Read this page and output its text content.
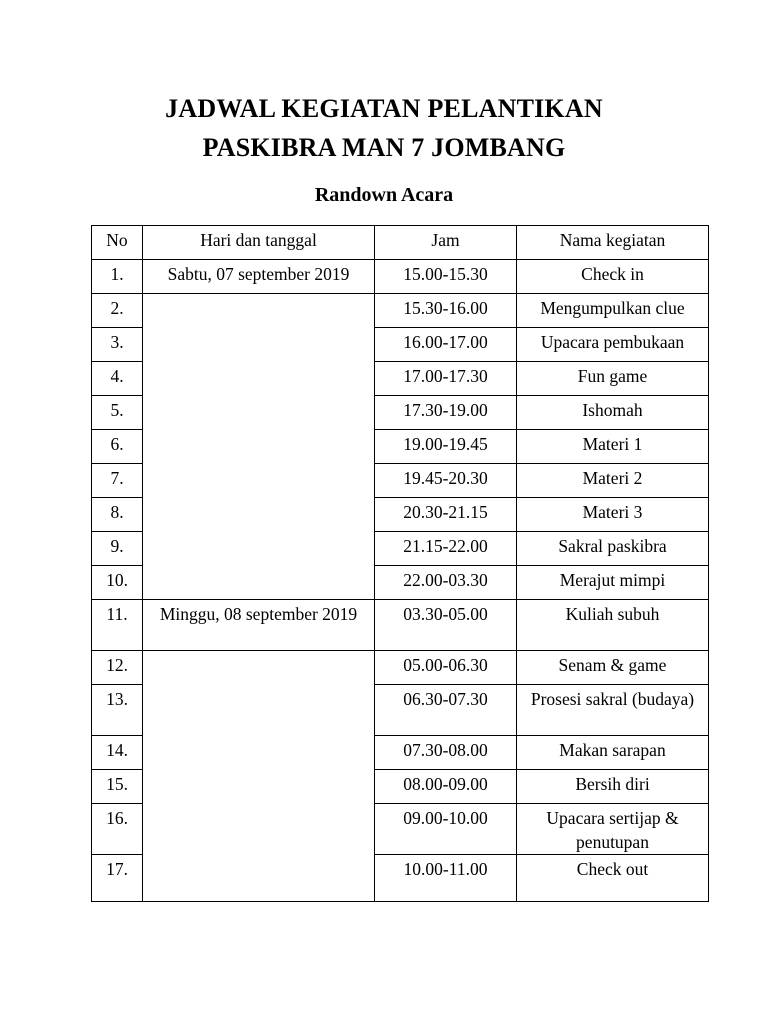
JADWAL KEGIATAN PELANTIKAN
PASKIBRA MAN 7 JOMBANG
Randown Acara
No	Hari dan tanggal	Jam	Nama kegiatan
1.	Sabtu, 07 september 2019	15.00-15.30	Check in
2.		15.30-16.00	Mengumpulkan clue
3.		16.00-17.00	Upacara pembukaan
4.		17.00-17.30	Fun game
5.		17.30-19.00	Ishomah
6.		19.00-19.45	Materi 1
7.		19.45-20.30	Materi 2
8.		20.30-21.15	Materi 3
9.		21.15-22.00	Sakral paskibra
10.		22.00-03.30	Merajut mimpi
11.	Minggu, 08 september 2019	03.30-05.00	Kuliah subuh
12.		05.00-06.30	Senam & game
13.		06.30-07.30	Prosesi sakral (budaya)
14.		07.30-08.00	Makan sarapan
15.		08.00-09.00	Bersih diri
16.		09.00-10.00	Upacara sertijap & penutupan
17.		10.00-11.00	Check out
